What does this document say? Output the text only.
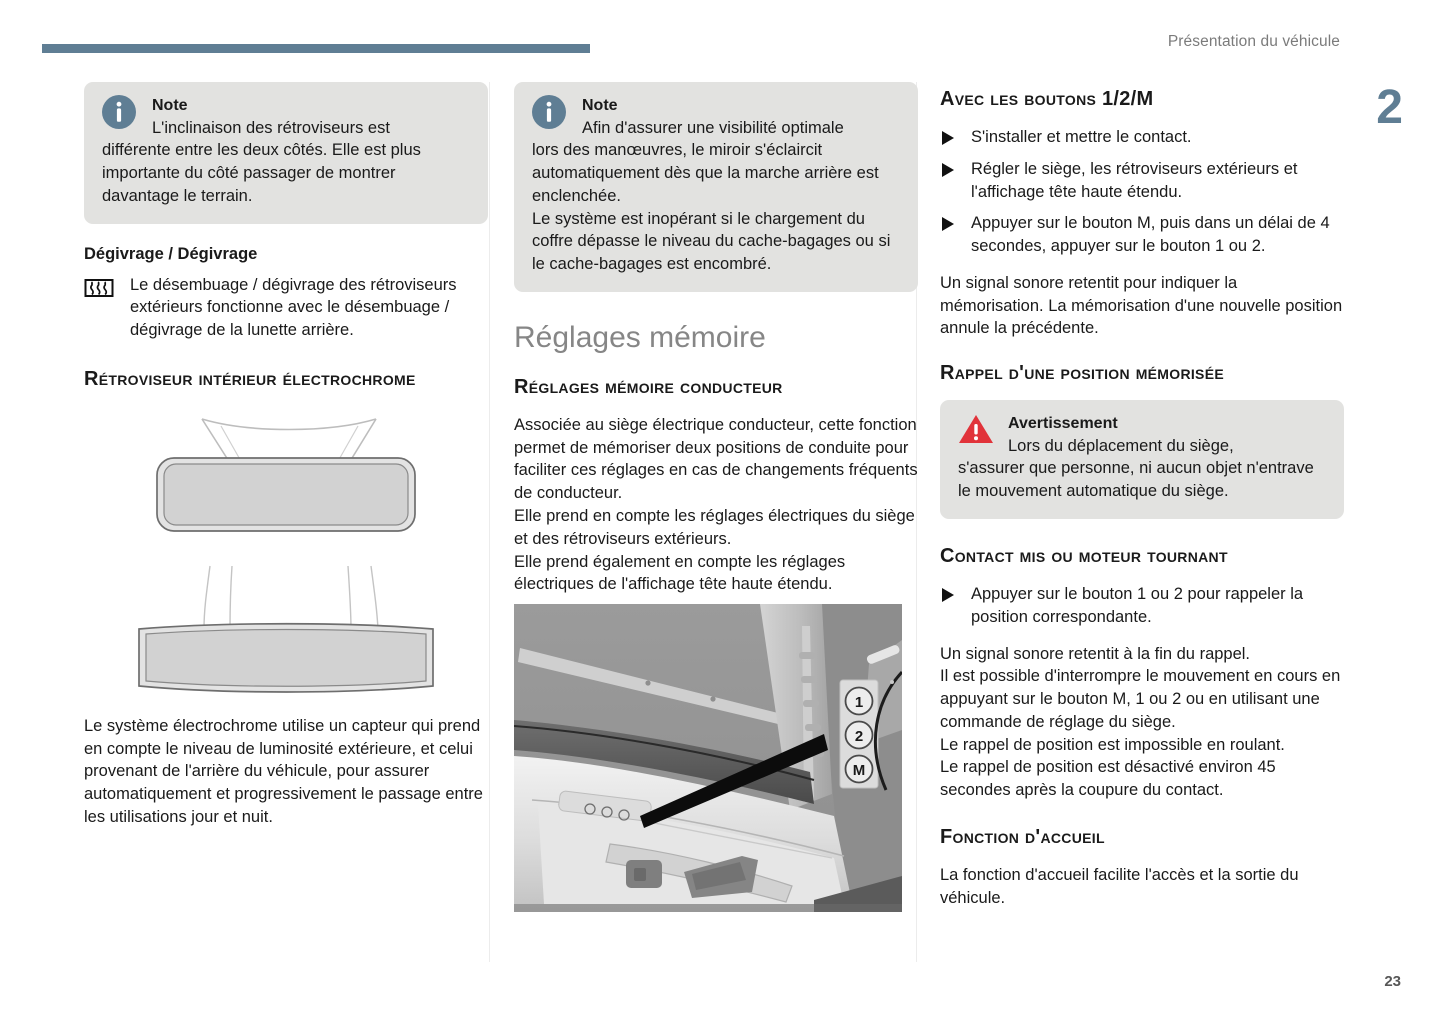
Présentation du véhicule
2
23
Note
L'inclinaison des rétroviseurs est
différente entre les deux côtés. Elle est plus importante du côté passager de montrer davantage le terrain.
Dégivrage / Dégivrage
Le désembuage / dégivrage des rétroviseurs extérieurs fonctionne avec le désembuage / dégivrage de la lunette arrière.
Rétroviseur intérieur électrochrome

Le système électrochrome utilise un capteur qui prend en compte le niveau de luminosité extérieure, et celui provenant de l'arrière du véhicule, pour assurer automatiquement et progressivement le passage entre les utilisations jour et nuit.

Note
Afin d'assurer une visibilité optimale
lors des manœuvres, le miroir s'éclaircit automatiquement dès que la marche arrière est enclenchée.
Le système est inopérant si le chargement du coffre dépasse le niveau du cache-bagages ou si le cache-bagages est encombré.
Réglages mémoire
Réglages mémoire conducteur

Associée au siège électrique conducteur, cette fonction permet de mémoriser deux positions de conduite pour faciliter ces réglages en cas de changements fréquents de conducteur.

Elle prend en compte les réglages électriques du siège et des rétroviseurs extérieurs.

Elle prend également en compte les réglages électriques de l'affichage tête haute étendu.

1
2
M
Avec les boutons 1/2/M
S'installer et mettre le contact.
Régler le siège, les rétroviseurs extérieurs et l'affichage tête haute étendu.
Appuyer sur le bouton M, puis dans un délai de 4 secondes, appuyer sur le bouton 1 ou 2.

Un signal sonore retentit pour indiquer la mémorisation. La mémorisation d'une nouvelle position annule la précédente.

Rappel d'une position mémorisée
Avertissement
Lors du déplacement du siège,
s'assurer que personne, ni aucun objet n'entrave le mouvement automatique du siège.
Contact mis ou moteur tournant
Appuyer sur le bouton 1 ou 2 pour rappeler la position correspondante.

Un signal sonore retentit à la fin du rappel.

Il est possible d'interrompre le mouvement en cours en appuyant sur le bouton M, 1 ou 2 ou en utilisant une commande de réglage du siège.

Le rappel de position est impossible en roulant.

Le rappel de position est désactivé environ 45 secondes après la coupure du contact.

Fonction d'accueil

La fonction d'accueil facilite l'accès et la sortie du véhicule.
